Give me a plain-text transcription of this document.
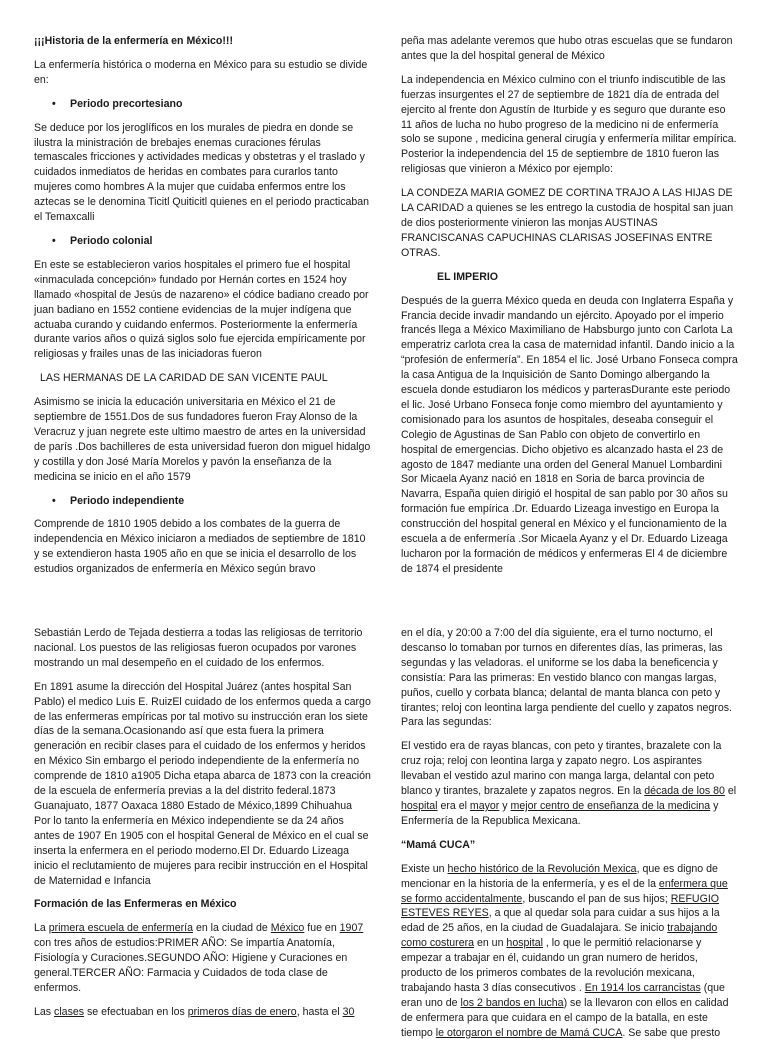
¡¡¡Historia de la enfermería en México!!!

La enfermería histórica o moderna en México para su estudio se divide en:

• Periodo precortesiano

Se deduce por los jeroglíficos en los murales de piedra en donde se ilustra la ministración de brebajes enemas curaciones férulas temascales fricciones y actividades medicas y obstetras y el traslado y cuidados inmediatos de heridas en combates para curarlos tanto mujeres como hombres A la mujer que cuidaba enfermos entre los aztecas se le denomina Ticitl Quiticitl quienes en el periodo practicaban el Temaxcalli

• Periodo colonial

En este se establecieron varios hospitales el primero fue el hospital «inmaculada concepción» fundado por Hernán cortes en 1524 hoy llamado «hospital de Jesús de nazareno» el códice badiano creado por juan badiano en 1552 contiene evidencias de la mujer indígena que actuaba curando y cuidando enfermos. Posteriormente la enfermería durante varios años o quizá siglos solo fue ejercida empíricamente por religiosas y frailes unas de las iniciadoras fueron

LAS HERMANAS DE LA CARIDAD DE SAN VICENTE PAUL

Asimismo se inicia la educación universitaria en México el 21 de septiembre de 1551.Dos de sus fundadores fueron Fray Alonso de la Veracruz y juan negrete este ultimo maestro de artes en la universidad de parís .Dos bachilleres de esta universidad fueron don miguel hidalgo y costilla y don José María Morelos y pavón la enseñanza de la medicina se inicio en el año 1579

• Periodo independiente

Comprende de 1810 1905 debido a los combates de la guerra de independencia en México iniciaron a mediados de septiembre de 1810 y se extendieron hasta 1905 año en que se inicia el desarrollo de los estudios organizados de enfermería en México según bravo

peña mas adelante veremos que hubo otras escuelas que se fundaron antes que la del hospital general de México

La independencia en México culmino con el triunfo indiscutible de las fuerzas insurgentes el 27 de septiembre de 1821 día de entrada del ejercito al frente don Agustín de Iturbide y es seguro que durante eso 11 años de lucha no hubo progreso de la medicino ni de enfermería solo se supone , medicina general cirugía y enfermería militar empírica. Posterior la independencia del 15 de septiembre de 1810 fueron las religiosas que vinieron a México por ejemplo:

LA CONDEZA MARIA GOMEZ DE CORTINA TRAJO A LAS HIJAS DE LA CARIDAD a quienes se les entrego la custodia de hospital san juan de dios posteriormente vinieron las monjas AUSTINAS FRANCISCANAS CAPUCHINAS CLARISAS JOSEFINAS ENTRE OTRAS.

EL IMPERIO

Después de la guerra México queda en deuda con Inglaterra España y Francia decide invadir mandando un ejército. Apoyado por el imperio francés llega a México Maximiliano de Habsburgo junto con Carlota La emperatriz carlota crea la casa de maternidad infantil. Dando inicio a la “profesión de enfermería”. En 1854 el lic. José Urbano Fonseca compra la casa Antigua de la Inquisición de Santo Domingo albergando la escuela donde estudiaron los médicos y parterasDurante este periodo el lic. José Urbano Fonseca fonje como miembro del ayuntamiento y comisionado para los asuntos de hospitales, deseaba conseguir el Colegio de Agustinas de San Pablo con objeto de convertirlo en hospital de emergencias. Dicho objetivo es alcanzado hasta el 23 de agosto de 1847 mediante una orden del General Manuel Lombardini Sor Micaela Ayanz nació en 1818 en Soria de barca provincia de Navarra, España quien dirigió el hospital de san pablo por 30 años su formación fue empírica .Dr. Eduardo Lizeaga investigo en Europa la construcción del hospital general en México y el funcionamiento de la escuela a de enfermería .Sor Micaela Ayanz y el Dr. Eduardo Lizeaga lucharon por la formación de médicos y enfermeras El 4 de diciembre de 1874 el presidente

Sebastián Lerdo de Tejada destierra a todas las religiosas de territorio nacional. Los puestos de las religiosas fueron ocupados por varones mostrando un mal desempeño en el cuidado de los enfermos.

En 1891 asume la dirección del Hospital Juárez (antes hospital San Pablo) el medico Luis E. RuizEl cuidado de los enfermos queda a cargo de las enfermeras empíricas por tal motivo su instrucción eran los siete días de la semana.Ocasionando así que esta fuera la primera generación en recibir clases para el cuidado de los enfermos y heridos en México Sin embargo el periodo independiente de la enfermería no comprende de 1810 a1905 Dicha etapa abarca de 1873 con la creación de la escuela de enfermería previas a la del distrito federal.1873 Guanajuato, 1877 Oaxaca 1880 Estado de México,1899 Chihuahua Por lo tanto la enfermería en México independiente se da 24 años antes de 1907 En 1905 con el hospital General de México en el cual se inserta la enfermera en el periodo moderno.El Dr. Eduardo Lizeaga inicio el reclutamiento de mujeres para recibir instrucción en el Hospital de Maternidad e Infancia

Formación de las Enfermeras en México

La primera escuela de enfermería en la ciudad de México fue en 1907 con tres años de estudios:PRIMER AÑO: Se impartía Anatomía, Fisiología y Curaciones.SEGUNDO AÑO: Higiene y Curaciones en general.TERCER AÑO: Farmacia y Cuidados de toda clase de enfermos.

Las clases se efectuaban en los primeros días de enero, hasta el 30

en el día, y 20:00 a 7:00 del día siguiente, era el turno nocturno, el descanso lo tomaban por turnos en diferentes días, las primeras, las segundas y las veladoras. el uniforme se los daba la beneficencia y consistía: Para las primeras: En vestido blanco con mangas largas, puños, cuello y corbata blanca; delantal de manta blanca con peto y tirantes; reloj con leontina larga pendiente del cuello y zapatos negros. Para las segundas:

El vestido era de rayas blancas, con peto y tirantes, brazalete con la cruz roja; reloj con leontina larga y zapato negro. Los aspirantes llevaban el vestido azul marino con manga larga, delantal con peto blanco y tirantes, brazalete y zapatos negros. En la década de los 80 el hospital era el mayor y mejor centro de enseñanza de la medicina y Enfermería de la Republica Mexicana.

“Mamá CUCA”

Existe un hecho histórico de la Revolución Mexica, que es digno de mencionar en la historia de la enfermería, y es el de la enfermera que se formo accidentalmente, buscando el pan de sus hijos; REFUGIO ESTEVES REYES, a que al quedar sola para cuidar a sus hijos a la edad de 25 años, en la ciudad de Guadalajara. Se inicio trabajando como costurera en un hospital , lo que le permitió relacionarse y empezar a trabajar en él, cuidando un gran numero de heridos, producto de los primeros combates de la revolución mexicana, trabajando hasta 3 días consecutivos . En 1914 los carrancistas (que eran uno de los 2 bandos en lucha) se la llevaron con ellos en calidad de enfermera para que cuidara en el campo de la batalla, en este tiempo le otorgaron el nombre de Mamá CUCA. Se sabe que presto
